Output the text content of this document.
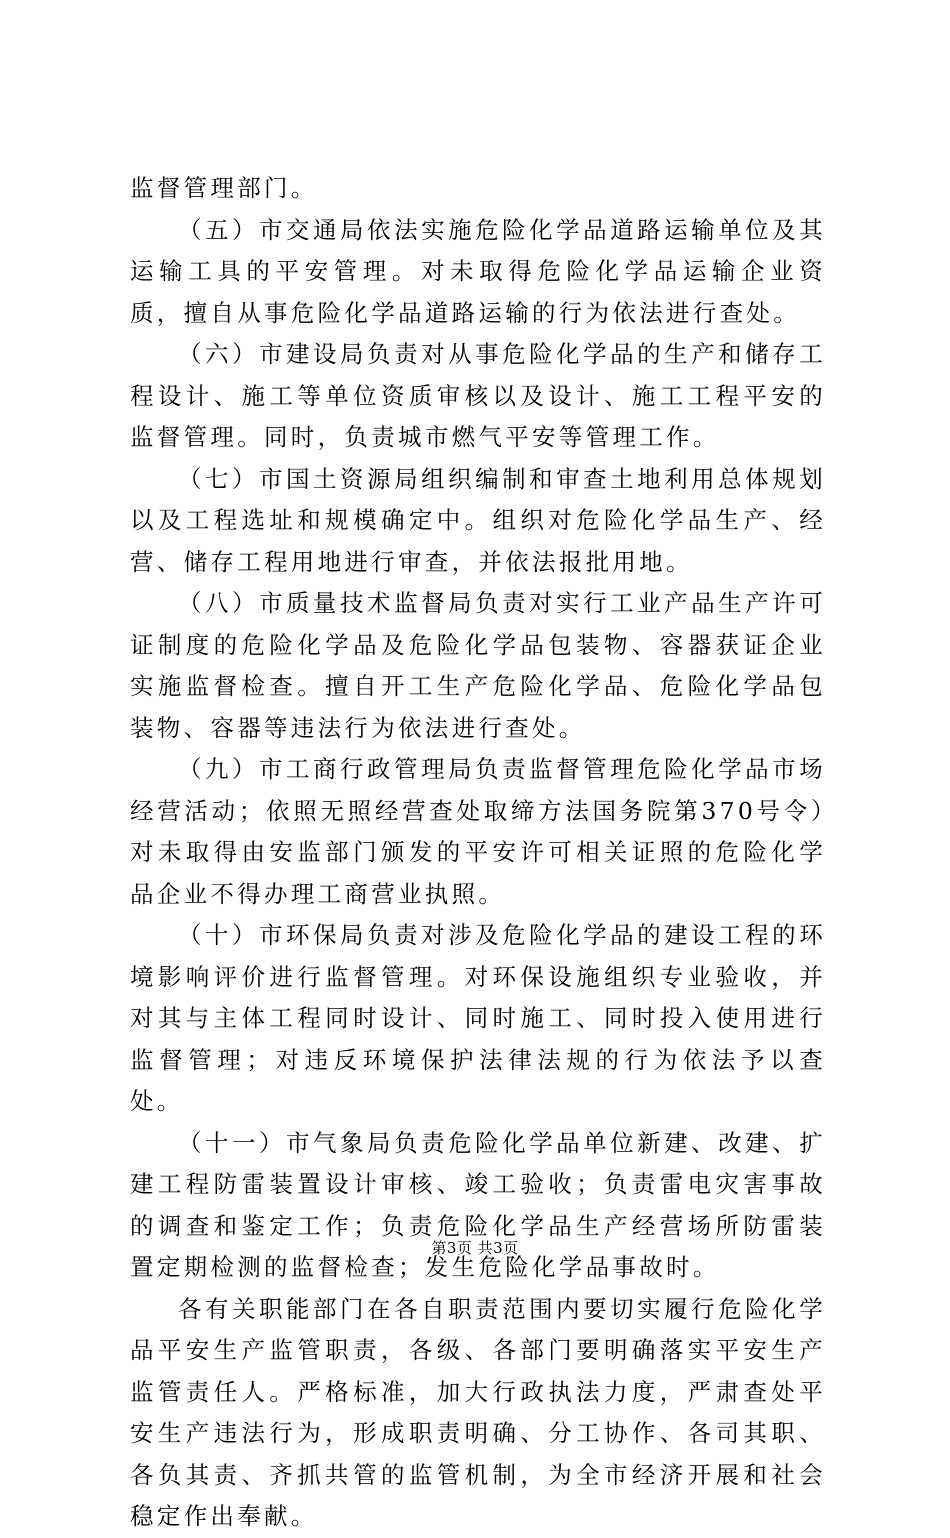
监督管理部门。

（五）市交通局依法实施危险化学品道路运输单位及其运输工具的平安管理。对未取得危险化学品运输企业资质，擅自从事危险化学品道路运输的行为依法进行查处。

（六）市建设局负责对从事危险化学品的生产和储存工程设计、施工等单位资质审核以及设计、施工工程平安的监督管理。同时，负责城市燃气平安等管理工作。

（七）市国土资源局组织编制和审查土地利用总体规划以及工程选址和规模确定中。组织对危险化学品生产、经营、储存工程用地进行审查，并依法报批用地。

（八）市质量技术监督局负责对实行工业产品生产许可证制度的危险化学品及危险化学品包装物、容器获证企业实施监督检查。擅自开工生产危险化学品、危险化学品包装物、容器等违法行为依法进行查处。

（九）市工商行政管理局负责监督管理危险化学品市场经营活动；依照无照经营查处取缔方法国务院第370号令）对未取得由安监部门颁发的平安许可相关证照的危险化学品企业不得办理工商营业执照。

（十）市环保局负责对涉及危险化学品的建设工程的环境影响评价进行监督管理。对环保设施组织专业验收，并对其与主体工程同时设计、同时施工、同时投入使用进行监督管理；对违反环境保护法律法规的行为依法予以查处。

（十一）市气象局负责危险化学品单位新建、改建、扩建工程防雷装置设计审核、竣工验收；负责雷电灾害事故的调查和鉴定工作；负责危险化学品生产经营场所防雷装置定期检测的监督检查；发生危险化学品事故时。

各有关职能部门在各自职责范围内要切实履行危险化学品平安生产监管职责，各级、各部门要明确落实平安生产监管责任人。严格标准，加大行政执法力度，严肃查处平安生产违法行为，形成职责明确、分工协作、各司其职、各负其责、齐抓共管的监管机制，为全市经济开展和社会稳定作出奉献。

第3页 共3页
